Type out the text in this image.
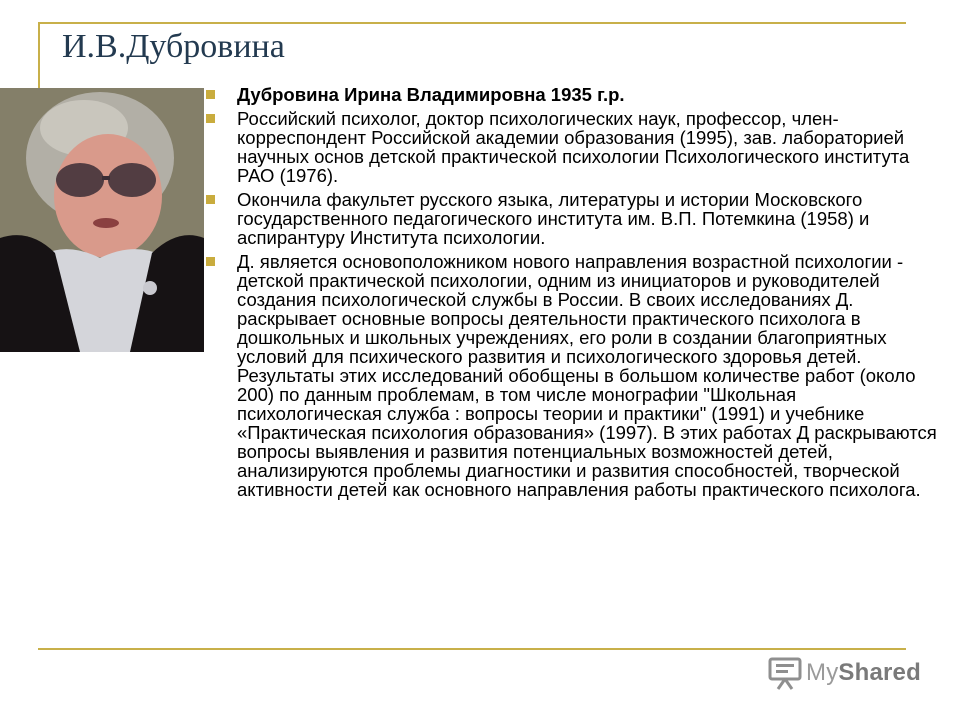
И.В.Дубровина
Дубровина Ирина Владимировна 1935 г.р.
Российский психолог, доктор психологических наук, профессор, член-корреспондент Российской академии образования (1995), зав. лабораторией научных основ детской практической психологии Психологического института РАО (1976).
Окончила факультет русского языка, литературы и истории Московского государственного педагогического института им. В.П. Потемкина (1958) и аспирантуру Института психологии.
Д. является основоположником нового направления возрастной психологии - детской практической психологии, одним из инициаторов и руководителей создания психологической службы в России. В своих исследованиях Д. раскрывает основные вопросы деятельности практического психолога в дошкольных и школьных учреждениях, его роли в создании благоприятных условий для психического развития и психологического здоровья детей. Результаты этих исследований обобщены в большом количестве работ (около 200) по данным проблемам, в том числе монографии "Школьная психологическая служба : вопросы теории и практики" (1991) и учебнике «Практическая психология образования» (1997). В этих работах Д раскрываются вопросы выявления и развития потенциальных возможностей детей, анализируются проблемы диагностики и развития способностей, творческой активности детей как основного направления работы практического психолога.
MyShared
